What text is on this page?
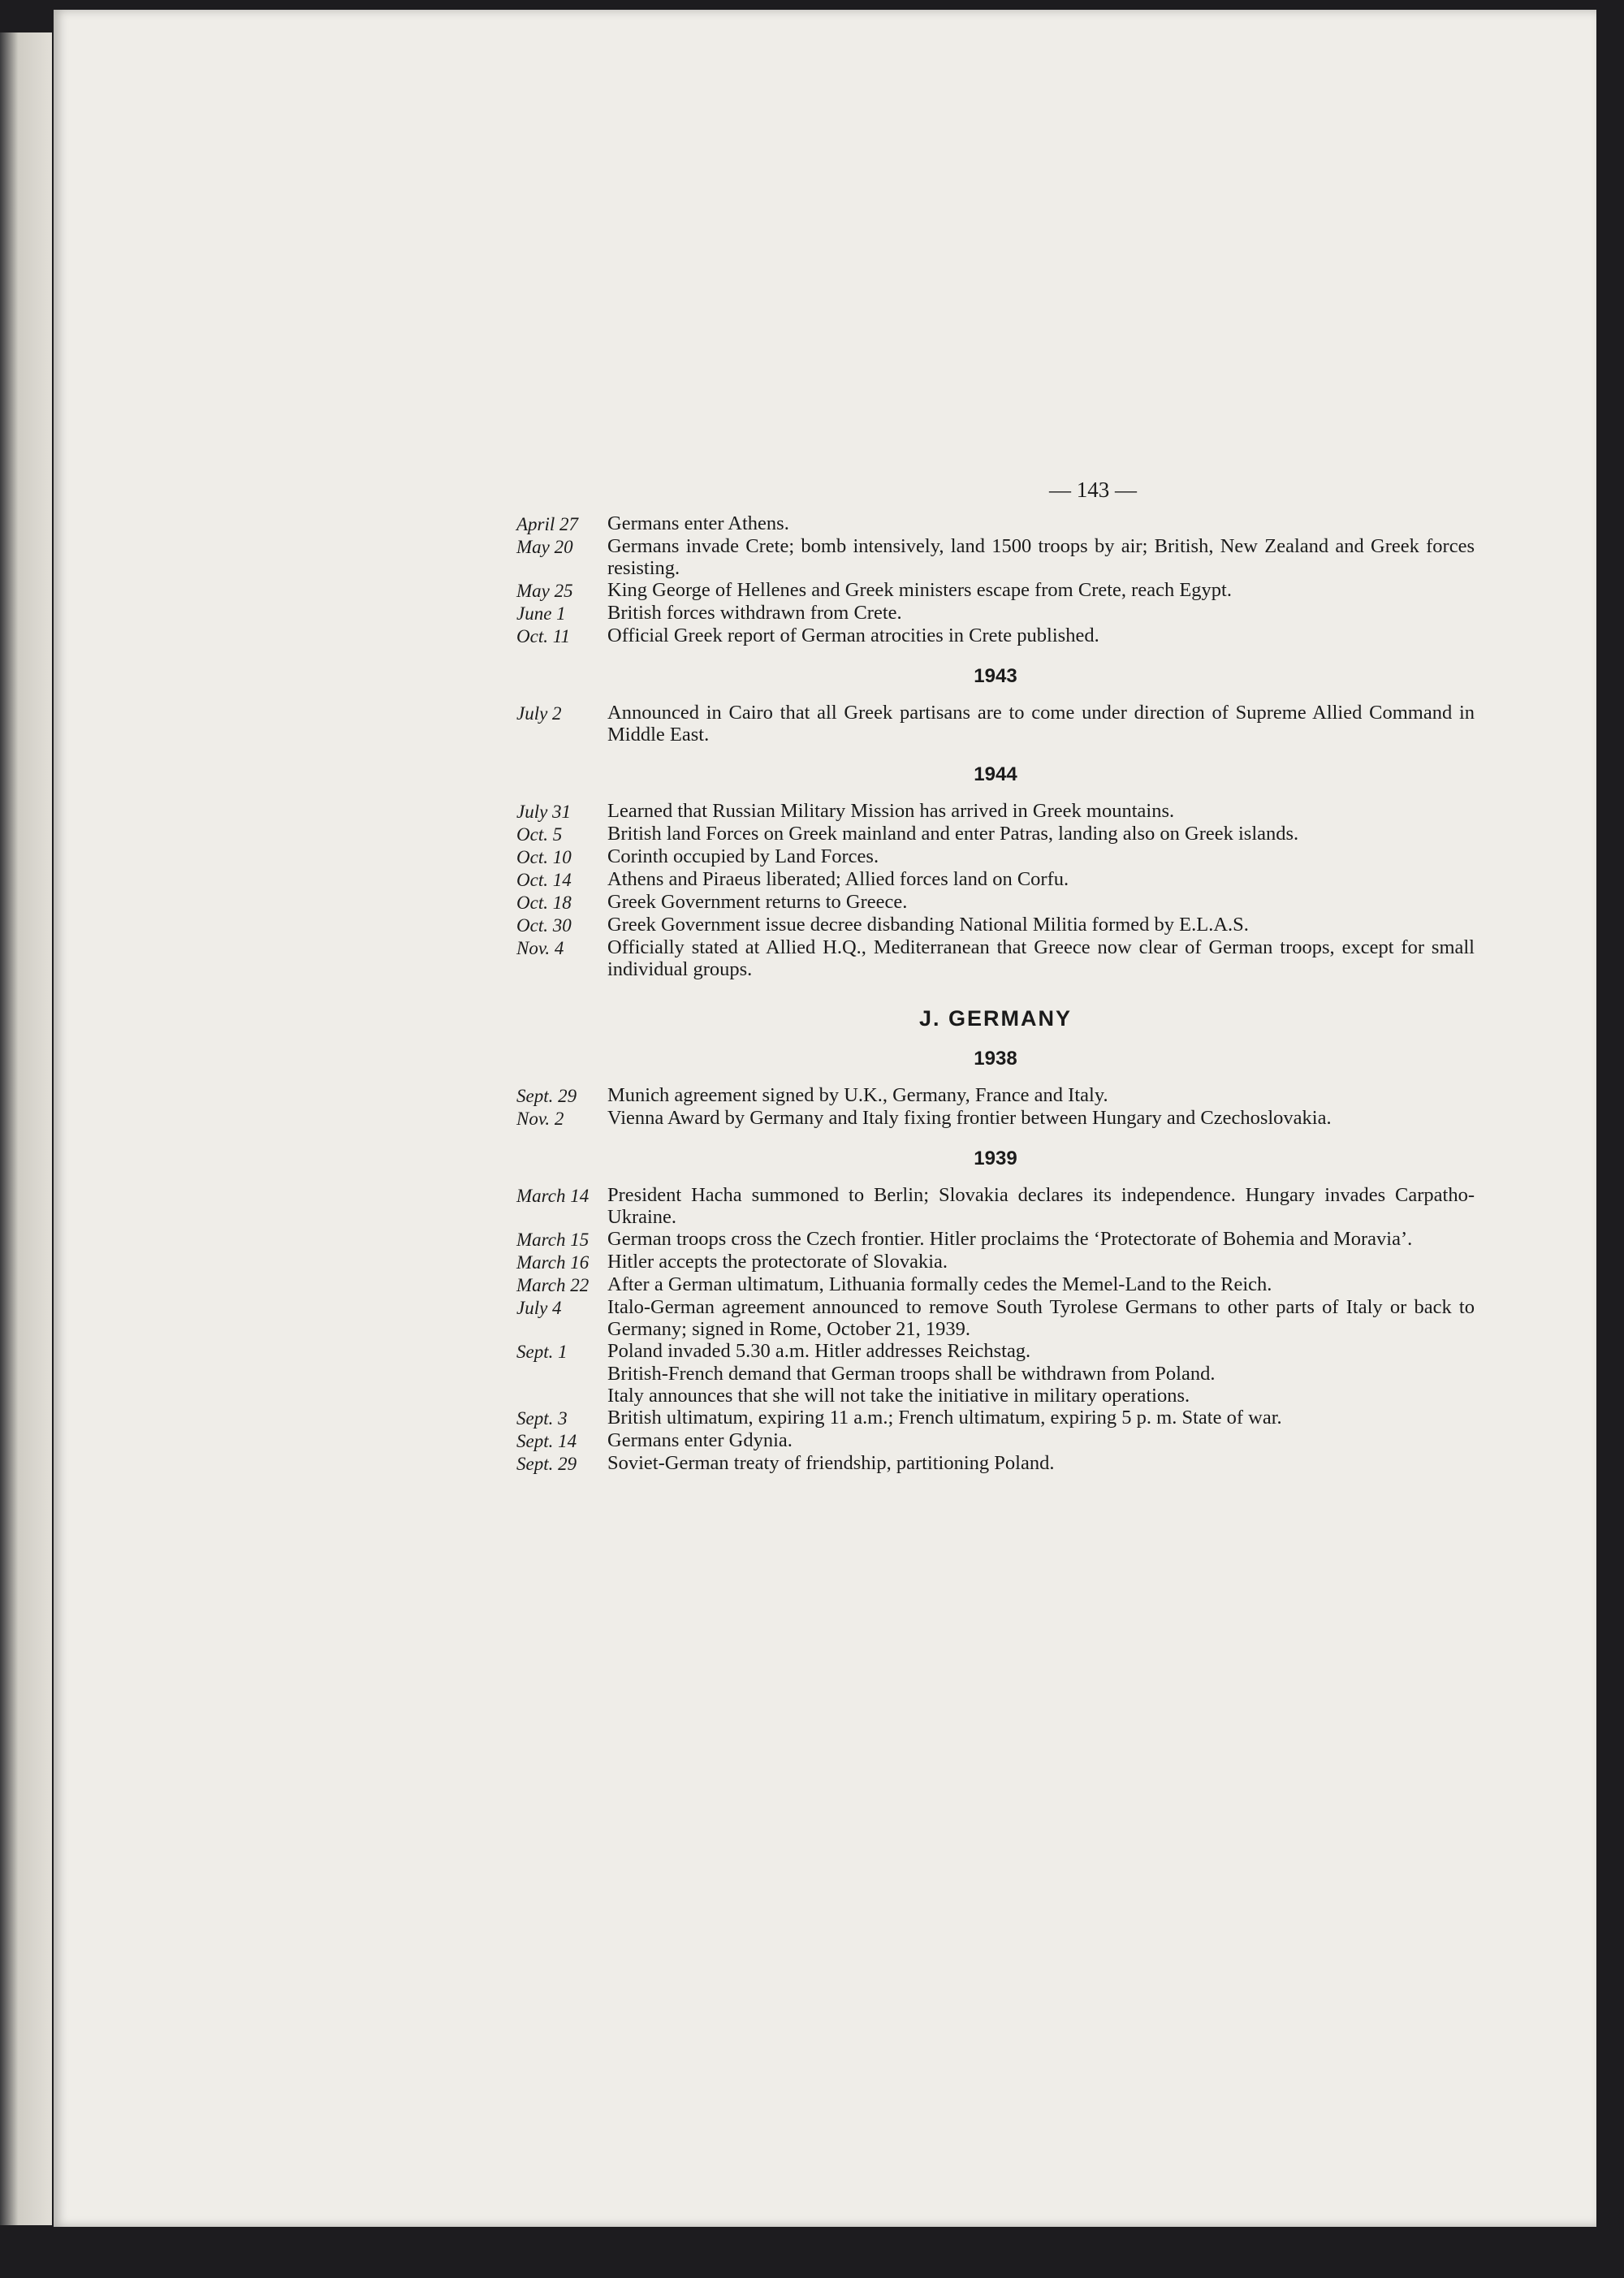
— 143 —
April 27	Germans enter Athens.
May 20	Germans invade Crete; bomb intensively, land 1500 troops by air; British, New Zealand and Greek forces resisting.
May 25	King George of Hellenes and Greek ministers escape from Crete, reach Egypt.
June 1	British forces withdrawn from Crete.
Oct. 11	Official Greek report of German atrocities in Crete published.
1943
July 2	Announced in Cairo that all Greek partisans are to come under direction of Supreme Allied Command in Middle East.
1944
July 31	Learned that Russian Military Mission has arrived in Greek mountains.
Oct. 5	British land Forces on Greek mainland and enter Patras, landing also on Greek islands.
Oct. 10	Corinth occupied by Land Forces.
Oct. 14	Athens and Piraeus liberated; Allied forces land on Corfu.
Oct. 18	Greek Government returns to Greece.
Oct. 30	Greek Government issue decree disbanding National Militia formed by E.L.A.S.
Nov. 4	Officially stated at Allied H.Q., Mediterranean that Greece now clear of German troops, except for small individual groups.
J. GERMANY
1938
Sept. 29	Munich agreement signed by U.K., Germany, France and Italy.
Nov. 2	Vienna Award by Germany and Italy fixing frontier between Hungary and Czechoslovakia.
1939
March 14 President Hacha summoned to Berlin; Slovakia declares its independence. Hungary invades Carpatho-Ukraine.
March 15 German troops cross the Czech frontier. Hitler proclaims the ‘Protectorate of Bohemia and Moravia’.
March 16 Hitler accepts the protectorate of Slovakia.
March 22 After a German ultimatum, Lithuania formally cedes the Memel-Land to the Reich.
July 4	Italo-German agreement announced to remove South Tyrolese Germans to other parts of Italy or back to Germany; signed in Rome, October 21, 1939.
Sept. 1	Poland invaded 5.30 a.m. Hitler addresses Reichstag.
British-French demand that German troops shall be withdrawn from Poland.
Italy announces that she will not take the initiative in military operations.
Sept. 3	British ultimatum, expiring 11 a.m.; French ultimatum, expiring 5 p. m. State of war.
Sept. 14	Germans enter Gdynia.
Sept. 29	Soviet-German treaty of friendship, partitioning Poland.
